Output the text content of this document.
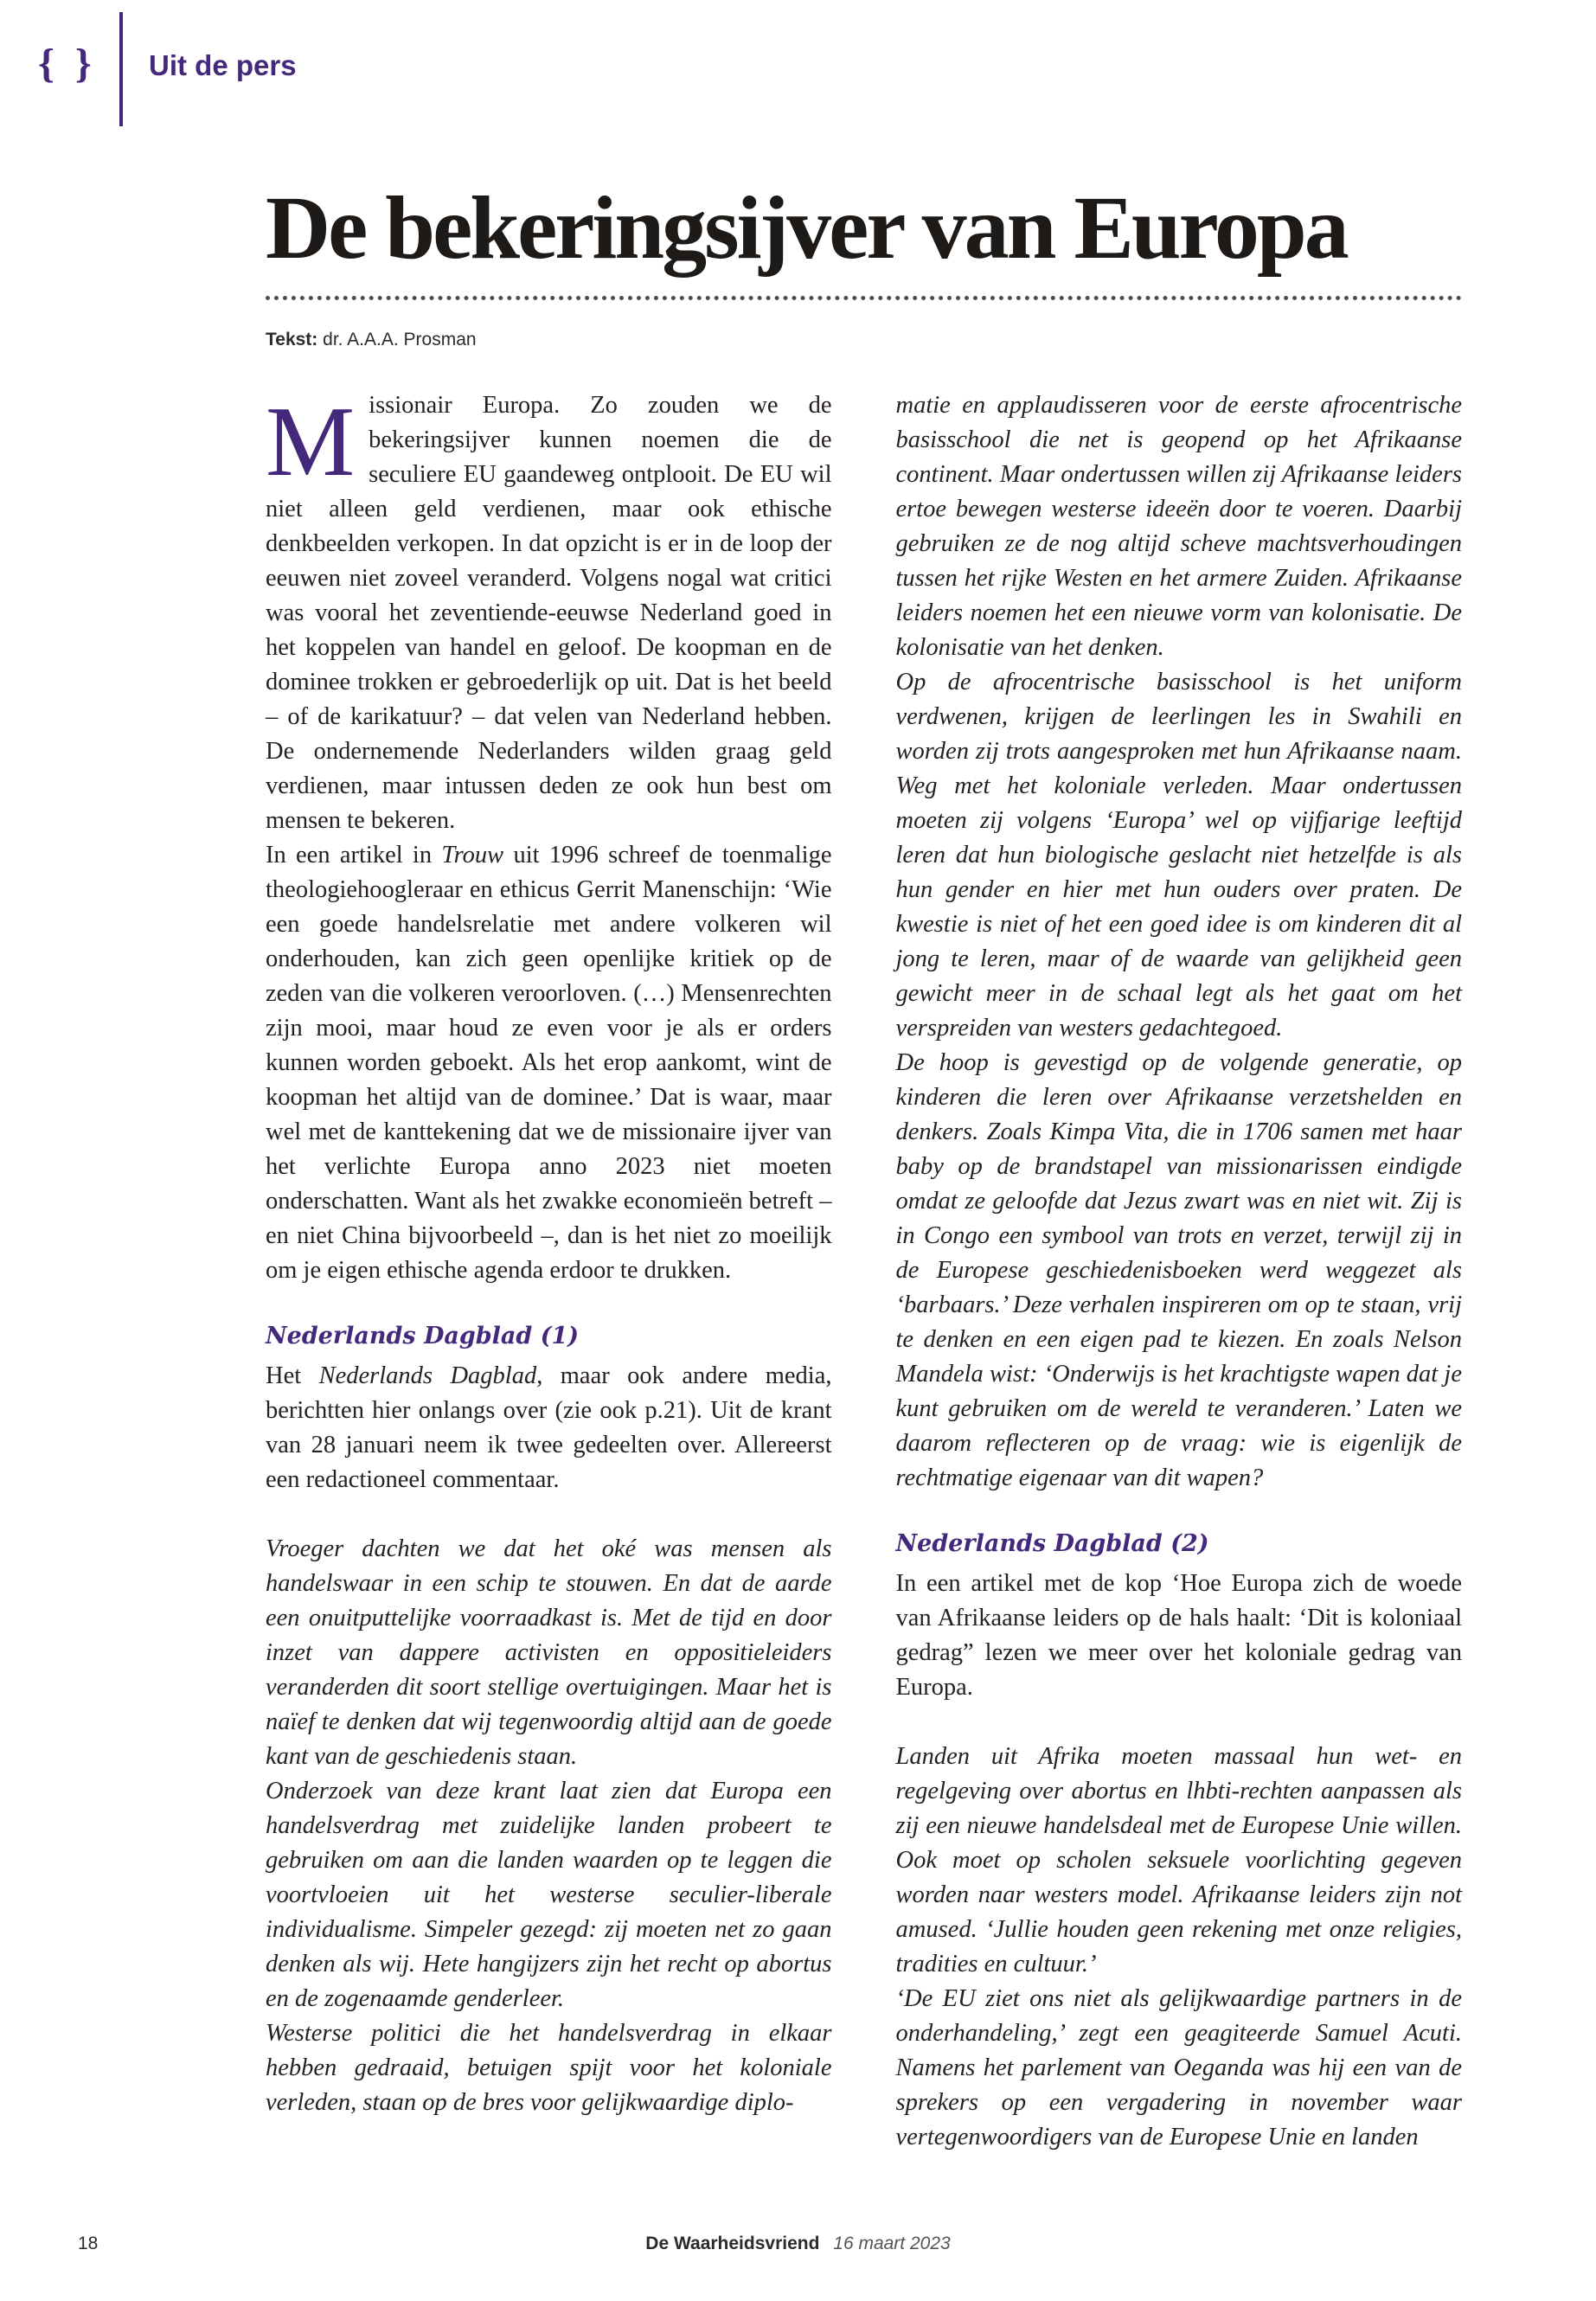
{ } Uit de pers
De bekeringsijver van Europa
Tekst: dr. A.A.A. Prosman

Missionair Europa. Zo zouden we de bekeringsijver kunnen noemen die de seculiere EU gaandeweg ontplooit. De EU wil niet alleen geld verdienen, maar ook ethische denkbeelden verkopen. In dat opzicht is er in de loop der eeuwen niet zoveel veranderd. Volgens nogal wat critici was vooral het zeventiende-eeuwse Nederland goed in het koppelen van handel en geloof. De koopman en de dominee trokken er gebroederlijk op uit. Dat is het beeld – of de karikatuur? – dat velen van Nederland hebben. De ondernemende Nederlanders wilden graag geld verdienen, maar intussen deden ze ook hun best om mensen te bekeren.

In een artikel in Trouw uit 1996 schreef de toenmalige theologiehoogleraar en ethicus Gerrit Manenschijn: ‘Wie een goede handelsrelatie met andere volkeren wil onderhouden, kan zich geen openlijke kritiek op de zeden van die volkeren veroorloven. (…) Mensenrechten zijn mooi, maar houd ze even voor je als er orders kunnen worden geboekt. Als het erop aankomt, wint de koopman het altijd van de dominee.’ Dat is waar, maar wel met de kanttekening dat we de missionaire ijver van het verlichte Europa anno 2023 niet moeten onderschatten. Want als het zwakke economieën betreft – en niet China bijvoorbeeld –, dan is het niet zo moeilijk om je eigen ethische agenda erdoor te drukken.

Nederlands Dagblad (1)

Het Nederlands Dagblad, maar ook andere media, berichtten hier onlangs over (zie ook p.21). Uit de krant van 28 januari neem ik twee gedeelten over. Allereerst een redactioneel commentaar.

Vroeger dachten we dat het oké was mensen als handelswaar in een schip te stouwen. En dat de aarde een onuitputtelijke voorraadkast is. Met de tijd en door inzet van dappere activisten en oppositieleiders veranderden dit soort stellige overtuigingen. Maar het is naïef te denken dat wij tegenwoordig altijd aan de goede kant van de geschiedenis staan.

Onderzoek van deze krant laat zien dat Europa een handelsverdrag met zuidelijke landen probeert te gebruiken om aan die landen waarden op te leggen die voortvloeien uit het westerse seculier-liberale individualisme. Simpeler gezegd: zij moeten net zo gaan denken als wij. Hete hangijzers zijn het recht op abortus en de zogenaamde genderleer.

Westerse politici die het handelsverdrag in elkaar hebben gedraaid, betuigen spijt voor het koloniale verleden, staan op de bres voor gelijkwaardige diplo-

matie en applaudisseren voor de eerste afrocentrische basisschool die net is geopend op het Afrikaanse continent. Maar ondertussen willen zij Afrikaanse leiders ertoe bewegen westerse ideeën door te voeren. Daarbij gebruiken ze de nog altijd scheve machtsverhoudingen tussen het rijke Westen en het armere Zuiden. Afrikaanse leiders noemen het een nieuwe vorm van kolonisatie. De kolonisatie van het denken.

Op de afrocentrische basisschool is het uniform verdwenen, krijgen de leerlingen les in Swahili en worden zij trots aangesproken met hun Afrikaanse naam. Weg met het koloniale verleden. Maar ondertussen moeten zij volgens ‘Europa’ wel op vijfjarige leeftijd leren dat hun biologische geslacht niet hetzelfde is als hun gender en hier met hun ouders over praten. De kwestie is niet of het een goed idee is om kinderen dit al jong te leren, maar of de waarde van gelijkheid geen gewicht meer in de schaal legt als het gaat om het verspreiden van westers gedachtegoed.

De hoop is gevestigd op de volgende generatie, op kinderen die leren over Afrikaanse verzetshelden en denkers. Zoals Kimpa Vita, die in 1706 samen met haar baby op de brandstapel van missionarissen eindigde omdat ze geloofde dat Jezus zwart was en niet wit. Zij is in Congo een symbool van trots en verzet, terwijl zij in de Europese geschiedenisboeken werd weggezet als ‘barbaars.’ Deze verhalen inspireren om op te staan, vrij te denken en een eigen pad te kiezen. En zoals Nelson Mandela wist: ‘Onderwijs is het krachtigste wapen dat je kunt gebruiken om de wereld te veranderen.’ Laten we daarom reflecteren op de vraag: wie is eigenlijk de rechtmatige eigenaar van dit wapen?

Nederlands Dagblad (2)

In een artikel met de kop ‘Hoe Europa zich de woede van Afrikaanse leiders op de hals haalt: ‘Dit is koloniaal gedrag” lezen we meer over het koloniale gedrag van Europa.

Landen uit Afrika moeten massaal hun wet- en regelgeving over abortus en lhbti-rechten aanpassen als zij een nieuwe handelsdeal met de Europese Unie willen. Ook moet op scholen seksuele voorlichting gegeven worden naar westers model. Afrikaanse leiders zijn not amused. ‘Jullie houden geen rekening met onze religies, tradities en cultuur.’

‘De EU ziet ons niet als gelijkwaardige partners in de onderhandeling,’ zegt een geagiteerde Samuel Acuti. Namens het parlement van Oeganda was hij een van de sprekers op een vergadering in november waar vertegenwoordigers van de Europese Unie en landen

18	De Waarheidsvriend 16 maart 2023
